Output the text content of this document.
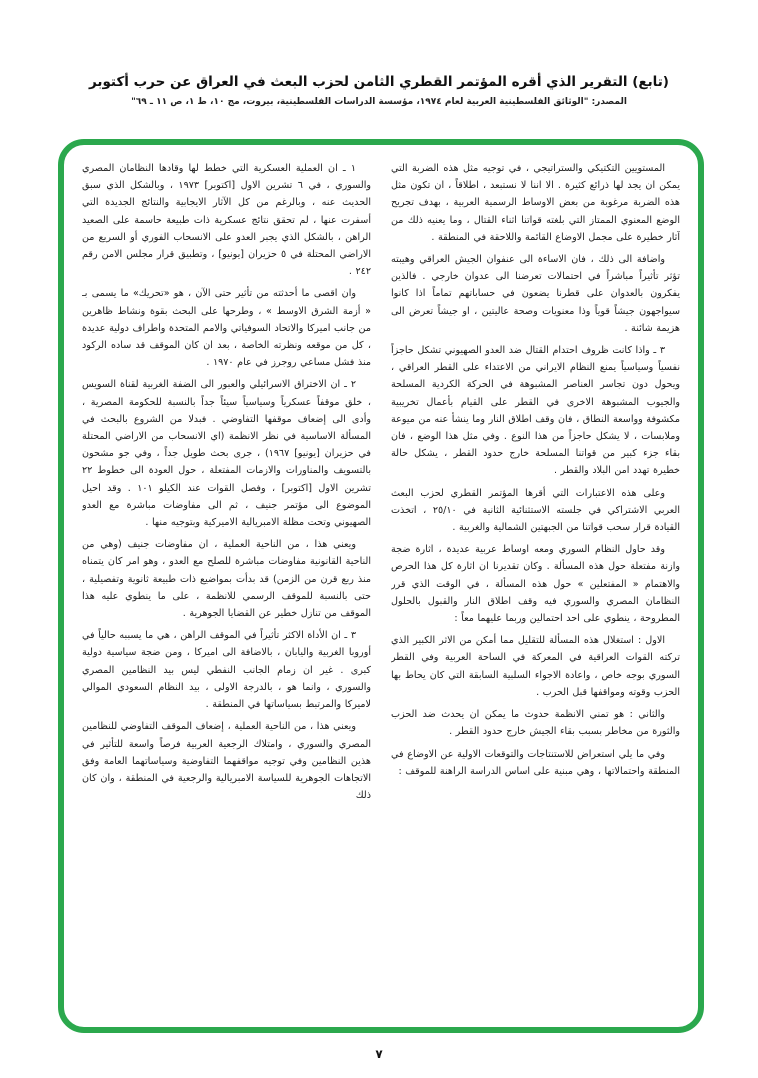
(تابع) التقرير الذي أقره المؤتمر القطري الثامن لحزب البعث في العراق عن حرب أكتوبر

المصدر: "الوثائق الفلسطينية العربية لعام ١٩٧٤، مؤسسة الدراسات الفلسطينية، بيروت، مج ١٠، ط ١، ص ١١ ـ ٦٩"

المستويين التكتيكي والستراتيجي ، في توجيه مثل هذه الضربة التي يمكن ان يجد لها ذرائع كثيرة . الا اننا لا نستبعد ، اطلاقاً ، ان تكون مثل هذه الضربة مرغوبة من بعض الاوساط الرسمية العربية ، بهدف تجريح الوضع المعنوي الممتاز التي بلغته قواتنا اثناء القتال ، وما يعنيه ذلك من آثار خطيرة على مجمل الاوضاع القائمة واللاحقة في المنطقة .

واضافة الى ذلك ، فان الاساءة الى عنفوان الجيش العراقي وهيبته تؤثر تأثيراً مباشراً في احتمالات تعرضنا الى عدوان خارجي . فالذين يفكرون بالعدوان على قطرنا يضعون في حساباتهم تماماً اذا كانوا سيواجهون جيشاً قوياً وذا معنويات وصحة عاليتين ، او جيشاً تعرض الى هزيمة شائنة .

٣ ـ واذا كانت ظروف احتدام القتال ضد العدو الصهيوني تشكل حاجزاً نفسياً وسياسياً يمنع النظام الايراني من الاعتداء على القطر العراقي ، ويحول دون تجاسر العناصر المشبوهة في الحركة الكردية المسلحة والجيوب المشبوهة الاخرى في القطر على القيام بأعمال تخريبية مكشوفة وواسعة النطاق ، فان وقف اطلاق النار وما ينشأ عنه من ميوعة وملابسات ، لا يشكل حاجزاً من هذا النوع . وفي مثل هذا الوضع ، فان بقاء جزء كبير من قواتنا المسلحة خارج حدود القطر ، يشكل حالة خطيرة تهدد امن البلاد والقطر .

وعلى هذه الاعتبارات التي أقرها المؤتمر القطري لحزب البعث العربي الاشتراكي في جلسته الاستثنائية الثانية في ٢٥/١٠ ، اتخذت القيادة قرار سحب قواتنا من الجبهتين الشمالية والغربية .

وقد حاول النظام السوري ومعه اوساط عربية عديدة ، اثارة ضجة وازنة مفتعلة حول هذه المسألة . وكان تقديرنا ان اثارة كل هذا الحرص والاهتمام « المفتعلين » حول هذه المسألة ، في الوقت الذي قرر النظامان المصري والسوري فيه وقف اطلاق النار والقبول بالحلول المطروحة ، ينطوي على احد احتمالين وربما عليهما معاً :

الاول : استغلال هذه المسألة للتقليل مما أمكن من الاثر الكبير الذي تركته القوات العراقية في المعركة في الساحة العربية وفي القطر السوري بوجه خاص ، واعادة الاجواء السلبية السابقة التي كان يحاط بها الحزب وقوته ومواقفها قبل الحرب .

والثاني : هو تمني الانظمة حدوث ما يمكن ان يحدث ضد الحزب والثورة من مخاطر بسبب بقاء الجيش خارج حدود القطر .

وفي ما يلي استعراض للاستنتاجات والتوقعات الاولية عن الاوضاع في المنطقة واحتمالاتها ، وهي مبنية على اساس الدراسة الراهنة للموقف :

١ ـ ان العملية العسكرية التي خطط لها وقادها النظامان المصري والسوري ، في ٦ تشرين الاول [اكتوبر] ١٩٧٣ ، وبالشكل الذي سبق الحديث عنه ، وبالرغم من كل الآثار الايجابية والنتائج الجديدة التي أسفرت عنها ، لم تحقق نتائج عسكرية ذات طبيعة حاسمة على الصعيد الراهن ، بالشكل الذي يجبر العدو على الانسحاب الفوري أو السريع من الاراضي المحتلة في ٥ حزيران [يونيو] ، وتطبيق قرار مجلس الامن رقم ٢٤٢ .

وان اقصى ما أحدثته من تأثير حتى الآن ، هو «تحريك» ما يسمى بـ « أزمة الشرق الاوسط » ، وطرحها على البحث بقوة ونشاط ظاهرين من جانب اميركا والاتحاد السوفياتي والامم المتحدة واطراف دولية عديدة ، كل من موقعه ونظرته الخاصة ، بعد ان كان الموقف قد ساده الركود منذ فشل مساعي روجرز في عام ١٩٧٠ .

٢ ـ ان الاختراق الاسرائيلي والعبور الى الضفة الغربية لقناة السويس ، خلق موقفاً عسكرياً وسياسياً سيئاً جداً بالنسبة للحكومة المصرية ، وأدى الى إضعاف موقفها التفاوضي . فبدلا من الشروع بالبحث في المسألة الاساسية في نظر الانظمة (اي الانسحاب من الاراضي المحتلة في حزيران [يونيو] ١٩٦٧) ، جرى بحث طويل جداً ، وفي جو مشحون بالتسويف والمناورات والازمات المفتعلة ، حول العودة الى خطوط ٢٢ تشرين الاول [اكتوبر] ، وفصل القوات عند الكيلو ١٠١ . وقد احيل الموضوع الى مؤتمر جنيف ، ثم الى مفاوضات مباشرة مع العدو الصهيوني وتحت مظلة الامبريالية الاميركية وبتوجيه منها .

ويعني هذا ، من الناحية العملية ، ان مفاوضات جنيف (وهي من الناحية القانونية مفاوضات مباشرة للصلح مع العدو ، وهو امر كان يتمناه منذ ربع قرن من الزمن) قد بدأت بمواضيع ذات طبيعة ثانوية وتفصيلية ، حتى بالنسبة للموقف الرسمي للانظمة ، على ما ينطوي عليه هذا الموقف من تنازل خطير عن القضايا الجوهرية .

٣ ـ ان الأداة الاكثر تأثيراً في الموقف الراهن ، هي ما يسببه حالياً في أوروبا الغربية واليابان ، بالاضافة الى اميركا ، ومن ضجة سياسية دولية كبرى . غير ان زمام الجانب النفطي ليس بيد النظامين المصري والسوري ، وانما هو ، بالدرجة الاولى ، بيد النظام السعودي الموالي لاميركا والمرتبط بسياساتها في المنطقة .

ويعني هذا ، من الناحية العملية ، إضعاف الموقف التفاوضي للنظامين المصري والسوري ، وامتلاك الرجعية العربية فرصاً واسعة للتأثير في هذين النظامين وفي توجيه مواقفهما التفاوضية وسياساتهما العامة وفق الاتجاهات الجوهرية للسياسة الامبريالية والرجعية في المنطقة ، وان كان ذلك

٧
